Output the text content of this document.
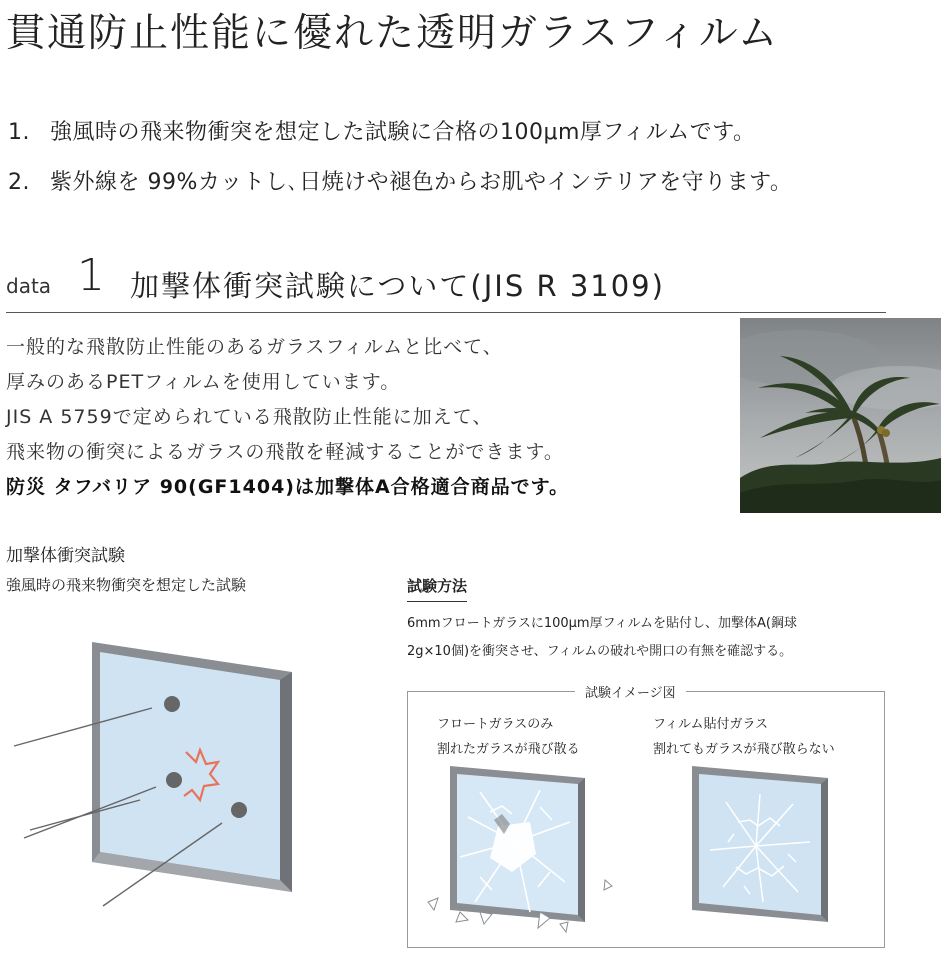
貫通防止性能に優れた透明ガラスフィルム
1. 強風時の飛来物衝突を想定した試験に合格の100μm厚フィルムです。
2. 紫外線を 99%カットし､日焼けや褪色からお肌やインテリアを守ります。
data 1 加撃体衝突試験について(JIS R 3109)
一般的な飛散防止性能のあるガラスフィルムと比べて、
厚みのあるPETフィルムを使用しています。
JIS A 5759で定められている飛散防止性能に加えて、
飛来物の衝突によるガラスの飛散を軽減することができます。
防災 タフバリア 90(GF1404)は加撃体A合格適合商品です。
加撃体衝突試験
強風時の飛来物衝突を想定した試験	試験方法
6mmフロートガラスに100μm厚フィルムを貼付し、加撃体A(鋼球
2g×10個)を衝突させ、フィルムの破れや開口の有無を確認する。
試験イメージ図
フロートガラスのみ
割れたガラスが飛び散る
フィルム貼付ガラス
割れてもガラスが飛び散らない
